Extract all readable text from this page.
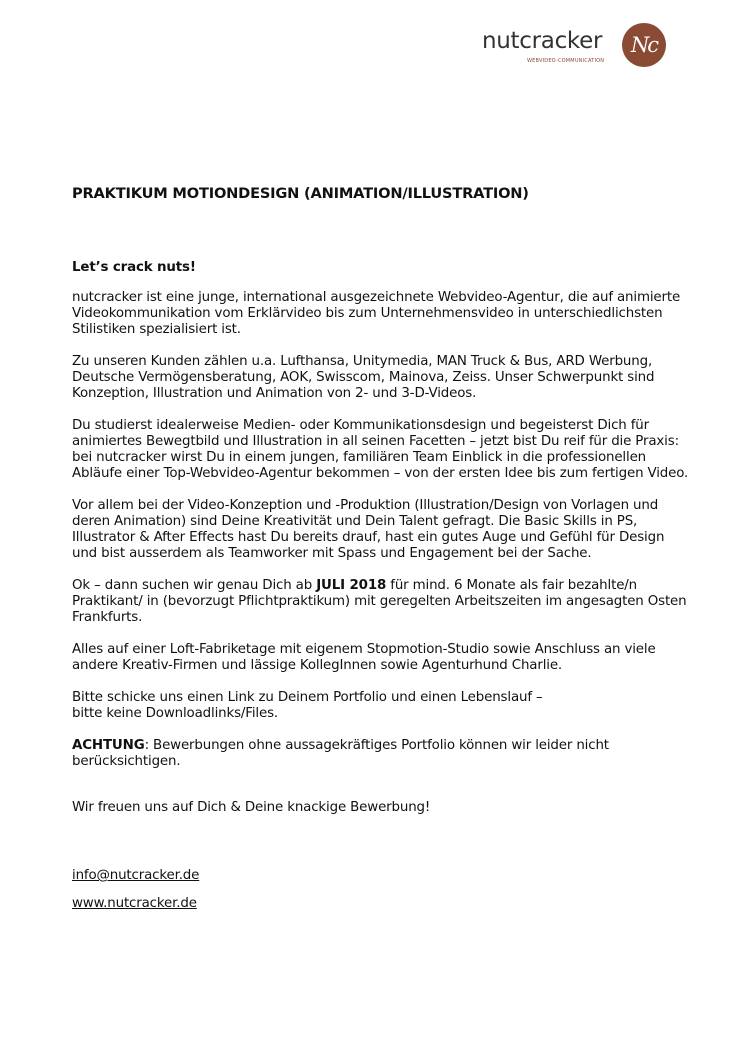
nutcracker
WEBVIDEO-COMMUNICATION
Nc
PRAKTIKUM MOTIONDESIGN (ANIMATION/ILLUSTRATION)
Let’s crack nuts!

nutcracker ist eine junge, international ausgezeichnete Webvideo-Agentur, die auf animierte Videokommunikation vom Erklärvideo bis zum Unternehmensvideo in unterschiedlichsten Stilistiken spezialisiert ist.

Zu unseren Kunden zählen u.a. Lufthansa, Unitymedia, MAN Truck & Bus, ARD Werbung, Deutsche Vermögensberatung, AOK, Swisscom, Mainova, Zeiss. Unser Schwerpunkt sind Konzeption, Illustration und Animation von 2- und 3-D-Videos.

Du studierst idealerweise Medien- oder Kommunikationsdesign und begeisterst Dich für animiertes Bewegtbild und Illustration in all seinen Facetten – jetzt bist Du reif für die Praxis: bei nutcracker wirst Du in einem jungen, familiären Team Einblick in die professionellen Abläufe einer Top-Webvideo-Agentur bekommen – von der ersten Idee bis zum fertigen Video.

Vor allem bei der Video-Konzeption und -Produktion (Illustration/Design von Vorlagen und deren Animation) sind Deine Kreativität und Dein Talent gefragt. Die Basic Skills in PS, Illustrator & After Effects hast Du bereits drauf, hast ein gutes Auge und Gefühl für Design und bist ausserdem als Teamworker mit Spass und Engagement bei der Sache.

Ok – dann suchen wir genau Dich ab JULI 2018 für mind. 6 Monate als fair bezahlte/n Praktikant/ in (bevorzugt Pflichtpraktikum) mit geregelten Arbeitszeiten im angesagten Osten Frankfurts.

Alles auf einer Loft-Fabriketage mit eigenem Stopmotion-Studio sowie Anschluss an viele andere Kreativ-Firmen und lässige KollegInnen sowie Agenturhund Charlie.

Bitte schicke uns einen Link zu Deinem Portfolio und einen Lebenslauf –
bitte keine Downloadlinks/Files.

ACHTUNG: Bewerbungen ohne aussagekräftiges Portfolio können wir leider nicht berücksichtigen.

Wir freuen uns auf Dich & Deine knackige Bewerbung!

info@nutcracker.de
www.nutcracker.de
